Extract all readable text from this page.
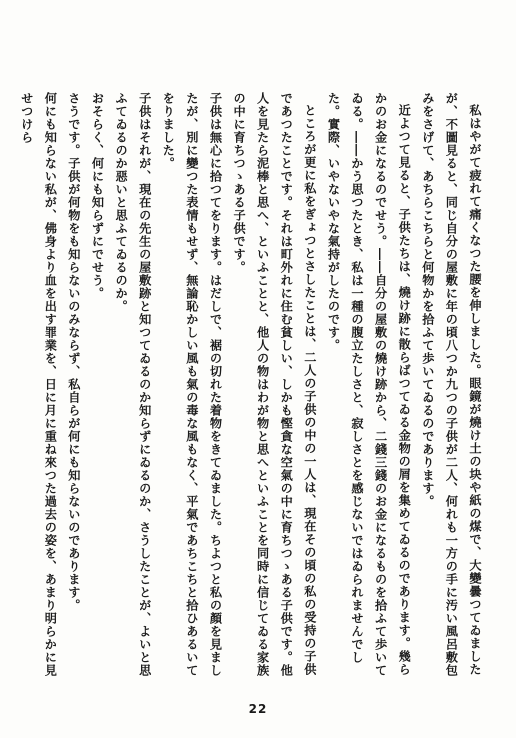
私はやがて疲れて痛くなつた腰を伸しました。眼鏡が燒け土の块や紙の煤で、大變曇つてゐましたが、不圖見ると、同じ自分の屋敷に年の頃八つか九つの子供が二人、何れも一方の手に汚い風呂敷包みをさげて、あちらこちらと何物かを拾ふて歩いてゐるのであります。

近よつて見ると、子供たちは、燒け跡に散らばつてゐる金物の屑を集めてゐるのであります。幾らかのお金になるのでせう。――自分の屋敷の燒け跡から、二錢三錢のお金になるものを拾ふて歩いてゐる。――かう思つたとき、私は一種の腹立たしさと、寂しさとを感じないではゐられませんでした。實際、いやないやな氣持がしたのです。

ところが更に私をぎょつとさしたことは、二人の子供の中の一人は、現在その頃の私の受持の子供であつたことです。それは町外れに住む貧しい、しかも慳貪な空氣の中に育ちつゝある子供です。他人を見たら泥棒と思へ、といふことと、他人の物はわが物と思へといふことを同時に信じてゐる家族の中に育ちつゝある子供です。

子供は無心に拾つてをります。はだしで、裾の切れた着物をきてゐました。ちよつと私の顏を見ましたが、別に變つた表情もせず、無論恥かしい風も氣の毒な風もなく、平氣であちこちと拾ひあるいてをりました。

子供はそれが、現在の先生の屋敷跡と知つてゐるのか知らずにゐるのか、さうしたことが、よいと思ふてゐるのか惡いと思ふてゐるのか。

おそらく、何にも知らずにでせう。

さうです。子供が何物をも知らないのみならず、私自らが何にも知らないのであります。

何にも知らない私が、佛身より血を出す罪業を、日に月に重ね來つた過去の姿を、あまり明らかに見せつけら

22
